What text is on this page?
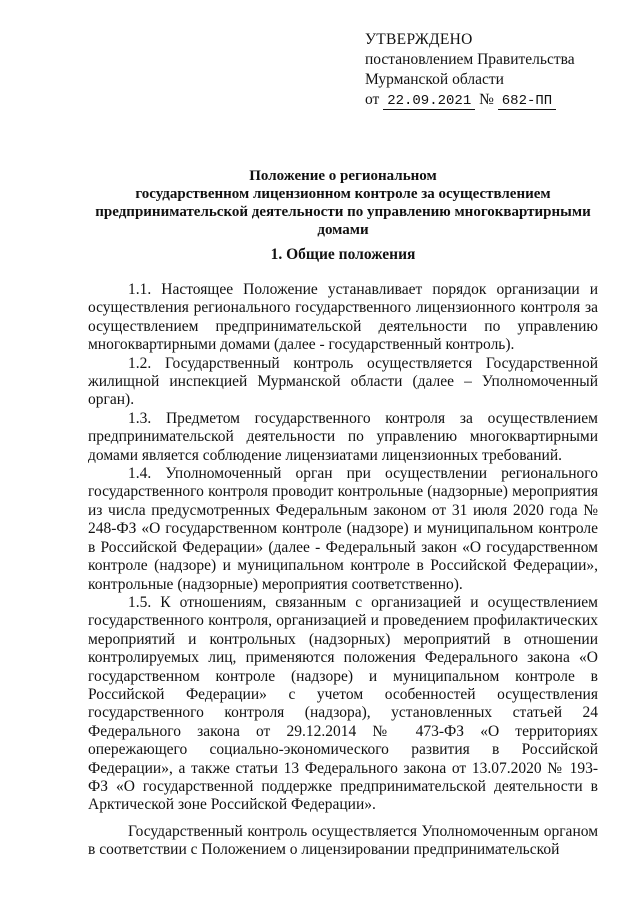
УТВЕРЖДЕНО
постановлением Правительства
Мурманской области
от 22.09.2021 № 682-ПП
Положение о региональном
государственном лицензионном контроле за осуществлением
предпринимательской деятельности по управлению многоквартирными
домами
1. Общие положения

1.1. Настоящее Положение устанавливает порядок организации и осуществления регионального государственного лицензионного контроля за осуществлением предпринимательской деятельности по управлению многоквартирными домами (далее - государственный контроль).

1.2. Государственный контроль осуществляется Государственной жилищной инспекцией Мурманской области (далее – Уполномоченный орган).

1.3. Предметом государственного контроля за осуществлением предпринимательской деятельности по управлению многоквартирными домами является соблюдение лицензиатами лицензионных требований.

1.4. Уполномоченный орган при осуществлении регионального государственного контроля проводит контрольные (надзорные) мероприятия из числа предусмотренных Федеральным законом от 31 июля 2020 года № 248-ФЗ «О государственном контроле (надзоре) и муниципальном контроле в Российской Федерации» (далее - Федеральный закон «О государственном контроле (надзоре) и муниципальном контроле в Российской Федерации», контрольные (надзорные) мероприятия соответственно).

1.5. К отношениям, связанным с организацией и осуществлением государственного контроля, организацией и проведением профилактических мероприятий и контрольных (надзорных) мероприятий в отношении контролируемых лиц, применяются положения Федерального закона «О государственном контроле (надзоре) и муниципальном контроле в Российской Федерации» с учетом особенностей осуществления государственного контроля (надзора), установленных статьей 24 Федерального закона от 29.12.2014 № 473-ФЗ «О территориях опережающего социально-экономического развития в Российской Федерации», а также статьи 13 Федерального закона от 13.07.2020 № 193-ФЗ «О государственной поддержке предпринимательской деятельности в Арктической зоне Российской Федерации».

Государственный контроль осуществляется Уполномоченным органом в соответствии с Положением о лицензировании предпринимательской
